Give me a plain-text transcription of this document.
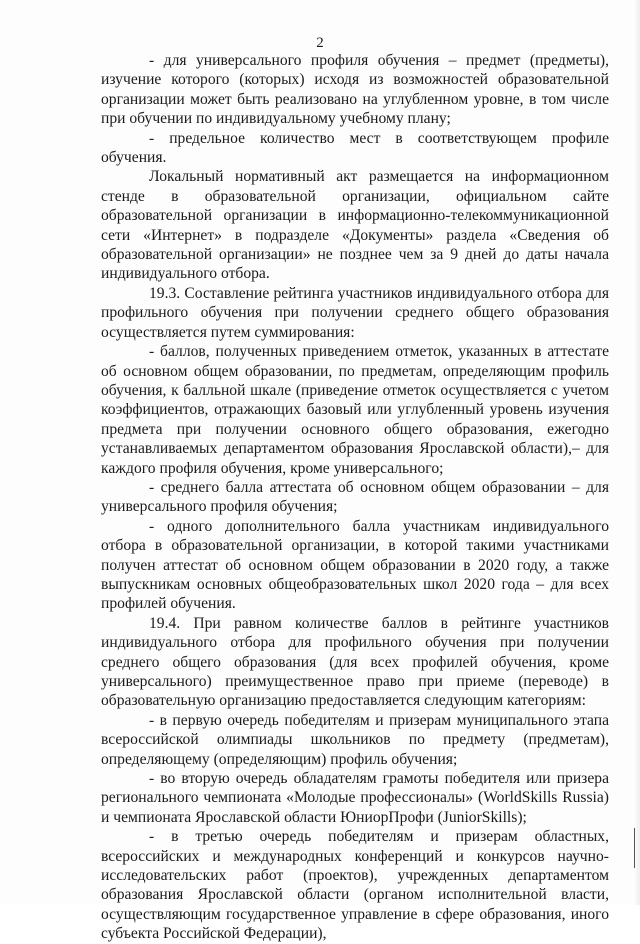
2

- для универсального профиля обучения – предмет (предметы), изучение которого (которых) исходя из возможностей образовательной организации может быть реализовано на углубленном уровне, в том числе при обучении по индивидуальному учебному плану;

- предельное количество мест в соответствующем профиле обучения.

Локальный нормативный акт размещается на информационном стенде в образовательной организации, официальном сайте образовательной организации в информационно-телекоммуникационной сети «Интернет» в подразделе «Документы» раздела «Сведения об образовательной организации» не позднее чем за 9 дней до даты начала индивидуального отбора.

19.3. Составление рейтинга участников индивидуального отбора для профильного обучения при получении среднего общего образования осуществляется путем суммирования:

- баллов, полученных приведением отметок, указанных в аттестате об основном общем образовании, по предметам, определяющим профиль обучения, к балльной шкале (приведение отметок осуществляется с учетом коэффициентов, отражающих базовый или углубленный уровень изучения предмета при получении основного общего образования, ежегодно устанавливаемых департаментом образования Ярославской области),– для каждого профиля обучения, кроме универсального;

- среднего балла аттестата об основном общем образовании – для универсального профиля обучения;

- одного дополнительного балла участникам индивидуального отбора в образовательной организации, в которой такими участниками получен аттестат об основном общем образовании в 2020 году, а также выпускникам основных общеобразовательных школ 2020 года – для всех профилей обучения.

19.4. При равном количестве баллов в рейтинге участников индивидуального отбора для профильного обучения при получении среднего общего образования (для всех профилей обучения, кроме универсального) преимущественное право при приеме (переводе) в образовательную организацию предоставляется следующим категориям:

- в первую очередь победителям и призерам муниципального этапа всероссийской олимпиады школьников по предмету (предметам), определяющему (определяющим) профиль обучения;

- во вторую очередь обладателям грамоты победителя или призера регионального чемпионата «Молодые профессионалы» (WorldSkills Russia) и чемпионата Ярославской области ЮниорПрофи (JuniorSkills);

- в третью очередь победителям и призерам областных, всероссийских и международных конференций и конкурсов научно-исследовательских работ (проектов), учрежденных департаментом образования Ярославской области (органом исполнительной власти, осуществляющим государственное управление в сфере образования, иного субъекта Российской Федерации),
